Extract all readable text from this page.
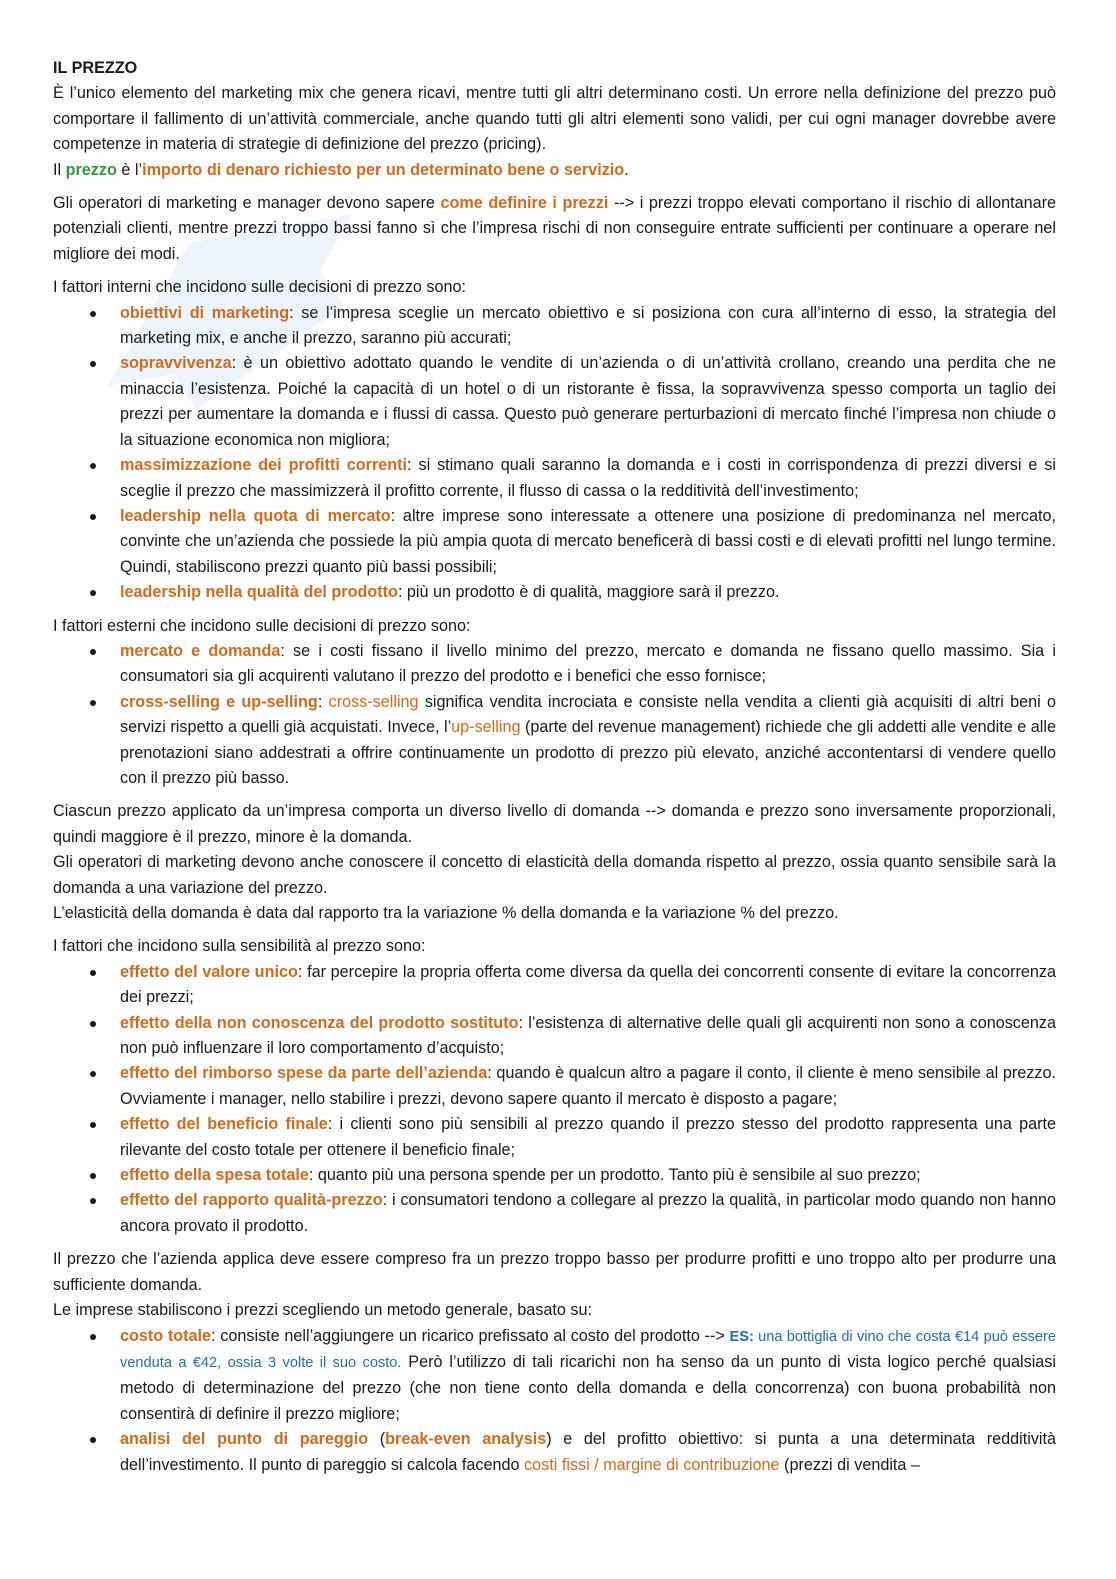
IL PREZZO

È l’unico elemento del marketing mix che genera ricavi, mentre tutti gli altri determinano costi. Un errore nella definizione del prezzo può comportare il fallimento di un’attività commerciale, anche quando tutti gli altri elementi sono validi, per cui ogni manager dovrebbe avere competenze in materia di strategie di definizione del prezzo (pricing).

Il prezzo è l’importo di denaro richiesto per un determinato bene o servizio.

Gli operatori di marketing e manager devono sapere come definire i prezzi --> i prezzi troppo elevati comportano il rischio di allontanare potenziali clienti, mentre prezzi troppo bassi fanno sì che l’impresa rischi di non conseguire entrate sufficienti per continuare a operare nel migliore dei modi.

I fattori interni che incidono sulle decisioni di prezzo sono:

obiettivi di marketing: se l’impresa sceglie un mercato obiettivo e si posiziona con cura all’interno di esso, la strategia del marketing mix, e anche il prezzo, saranno più accurati;
sopravvivenza: è un obiettivo adottato quando le vendite di un’azienda o di un’attività crollano, creando una perdita che ne minaccia l’esistenza. Poiché la capacità di un hotel o di un ristorante è fissa, la sopravvivenza spesso comporta un taglio dei prezzi per aumentare la domanda e i flussi di cassa. Questo può generare perturbazioni di mercato finché l’impresa non chiude o la situazione economica non migliora;
massimizzazione dei profitti correnti: si stimano quali saranno la domanda e i costi in corrispondenza di prezzi diversi e si sceglie il prezzo che massimizzerà il profitto corrente, il flusso di cassa o la redditività dell’investimento;
leadership nella quota di mercato: altre imprese sono interessate a ottenere una posizione di predominanza nel mercato, convinte che un’azienda che possiede la più ampia quota di mercato beneficerà di bassi costi e di elevati profitti nel lungo termine. Quindi, stabiliscono prezzi quanto più bassi possibili;
leadership nella qualità del prodotto: più un prodotto è di qualità, maggiore sarà il prezzo.

I fattori esterni che incidono sulle decisioni di prezzo sono:

mercato e domanda: se i costi fissano il livello minimo del prezzo, mercato e domanda ne fissano quello massimo. Sia i consumatori sia gli acquirenti valutano il prezzo del prodotto e i benefici che esso fornisce;
cross-selling e up-selling: cross-selling significa vendita incrociata e consiste nella vendita a clienti già acquisiti di altri beni o servizi rispetto a quelli già acquistati. Invece, l’up-selling (parte del revenue management) richiede che gli addetti alle vendite e alle prenotazioni siano addestrati a offrire continuamente un prodotto di prezzo più elevato, anziché accontentarsi di vendere quello con il prezzo più basso.

Ciascun prezzo applicato da un’impresa comporta un diverso livello di domanda --> domanda e prezzo sono inversamente proporzionali, quindi maggiore è il prezzo, minore è la domanda.

Gli operatori di marketing devono anche conoscere il concetto di elasticità della domanda rispetto al prezzo, ossia quanto sensibile sarà la domanda a una variazione del prezzo.

L’elasticità della domanda è data dal rapporto tra la variazione % della domanda e la variazione % del prezzo.

I fattori che incidono sulla sensibilità al prezzo sono:

effetto del valore unico: far percepire la propria offerta come diversa da quella dei concorrenti consente di evitare la concorrenza dei prezzi;
effetto della non conoscenza del prodotto sostituto: l’esistenza di alternative delle quali gli acquirenti non sono a conoscenza non può influenzare il loro comportamento d’acquisto;
effetto del rimborso spese da parte dell’azienda: quando è qualcun altro a pagare il conto, il cliente è meno sensibile al prezzo. Ovviamente i manager, nello stabilire i prezzi, devono sapere quanto il mercato è disposto a pagare;
effetto del beneficio finale: i clienti sono più sensibili al prezzo quando il prezzo stesso del prodotto rappresenta una parte rilevante del costo totale per ottenere il beneficio finale;
effetto della spesa totale: quanto più una persona spende per un prodotto. Tanto più è sensibile al suo prezzo;
effetto del rapporto qualità-prezzo: i consumatori tendono a collegare al prezzo la qualità, in particolar modo quando non hanno ancora provato il prodotto.

Il prezzo che l’azienda applica deve essere compreso fra un prezzo troppo basso per produrre profitti e uno troppo alto per produrre una sufficiente domanda.

Le imprese stabiliscono i prezzi scegliendo un metodo generale, basato su:

costo totale: consiste nell’aggiungere un ricarico prefissato al costo del prodotto --> ES: una bottiglia di vino che costa €14 può essere venduta a €42, ossia 3 volte il suo costo. Però l’utilizzo di tali ricarichi non ha senso da un punto di vista logico perché qualsiasi metodo di determinazione del prezzo (che non tiene conto della domanda e della concorrenza) con buona probabilità non consentirà di definire il prezzo migliore;
analisi del punto di pareggio (break-even analysis) e del profitto obiettivo: si punta a una determinata redditività dell’investimento. Il punto di pareggio si calcola facendo costi fissi / margine di contribuzione (prezzi di vendita –
